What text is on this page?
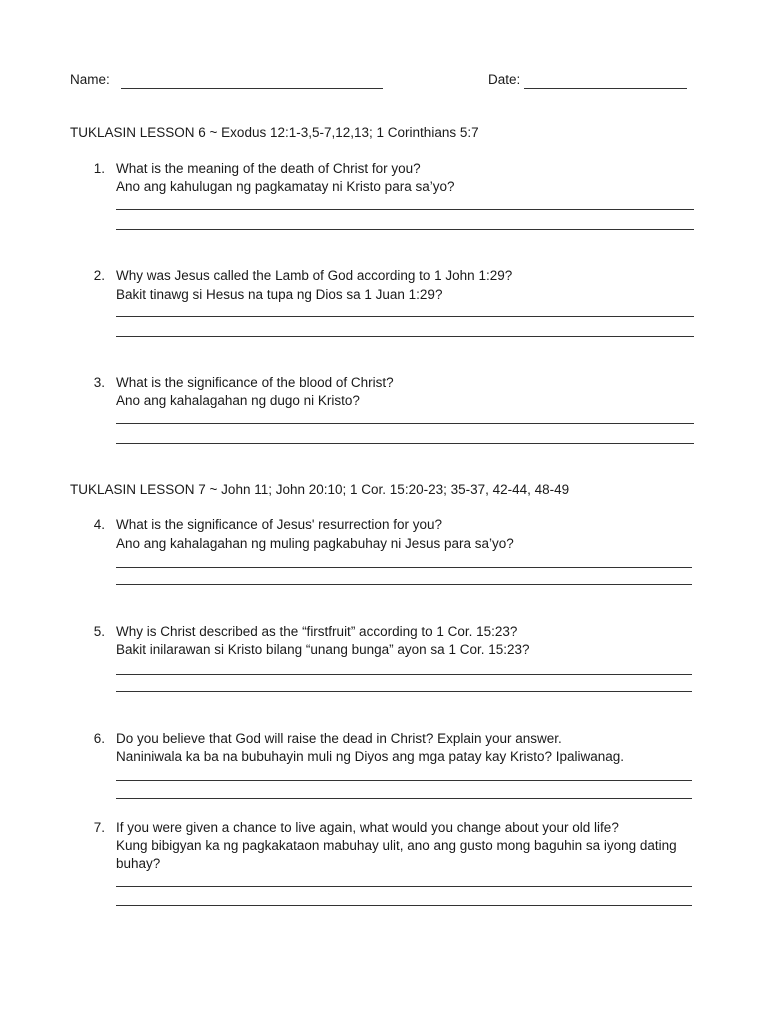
Name:	Date:
TUKLASIN LESSON 6 ~ Exodus 12:1-3,5-7,12,13; 1 Corinthians 5:7
1. What is the meaning of the death of Christ for you?
Ano ang kahulugan ng pagkamatay ni Kristo para sa’yo?
2. Why was Jesus called the Lamb of God according to 1 John 1:29?
Bakit tinawg si Hesus na tupa ng Dios sa 1 Juan 1:29?
3. What is the significance of the blood of Christ?
Ano ang kahalagahan ng dugo ni Kristo?
TUKLASIN LESSON 7 ~ John 11; John 20:10; 1 Cor. 15:20-23; 35-37, 42-44, 48-49
4. What is the significance of Jesus' resurrection for you?
Ano ang kahalagahan ng muling pagkabuhay ni Jesus para sa’yo?
5. Why is Christ described as the “firstfruit” according to 1 Cor. 15:23?
Bakit inilarawan si Kristo bilang “unang bunga” ayon sa 1 Cor. 15:23?
6. Do you believe that God will raise the dead in Christ? Explain your answer.
Naniniwala ka ba na bubuhayin muli ng Diyos ang mga patay kay Kristo? Ipaliwanag.
7. If you were given a chance to live again, what would you change about your old life?
Kung bibigyan ka ng pagkakataon mabuhay ulit, ano ang gusto mong baguhin sa iyong dating
buhay?
